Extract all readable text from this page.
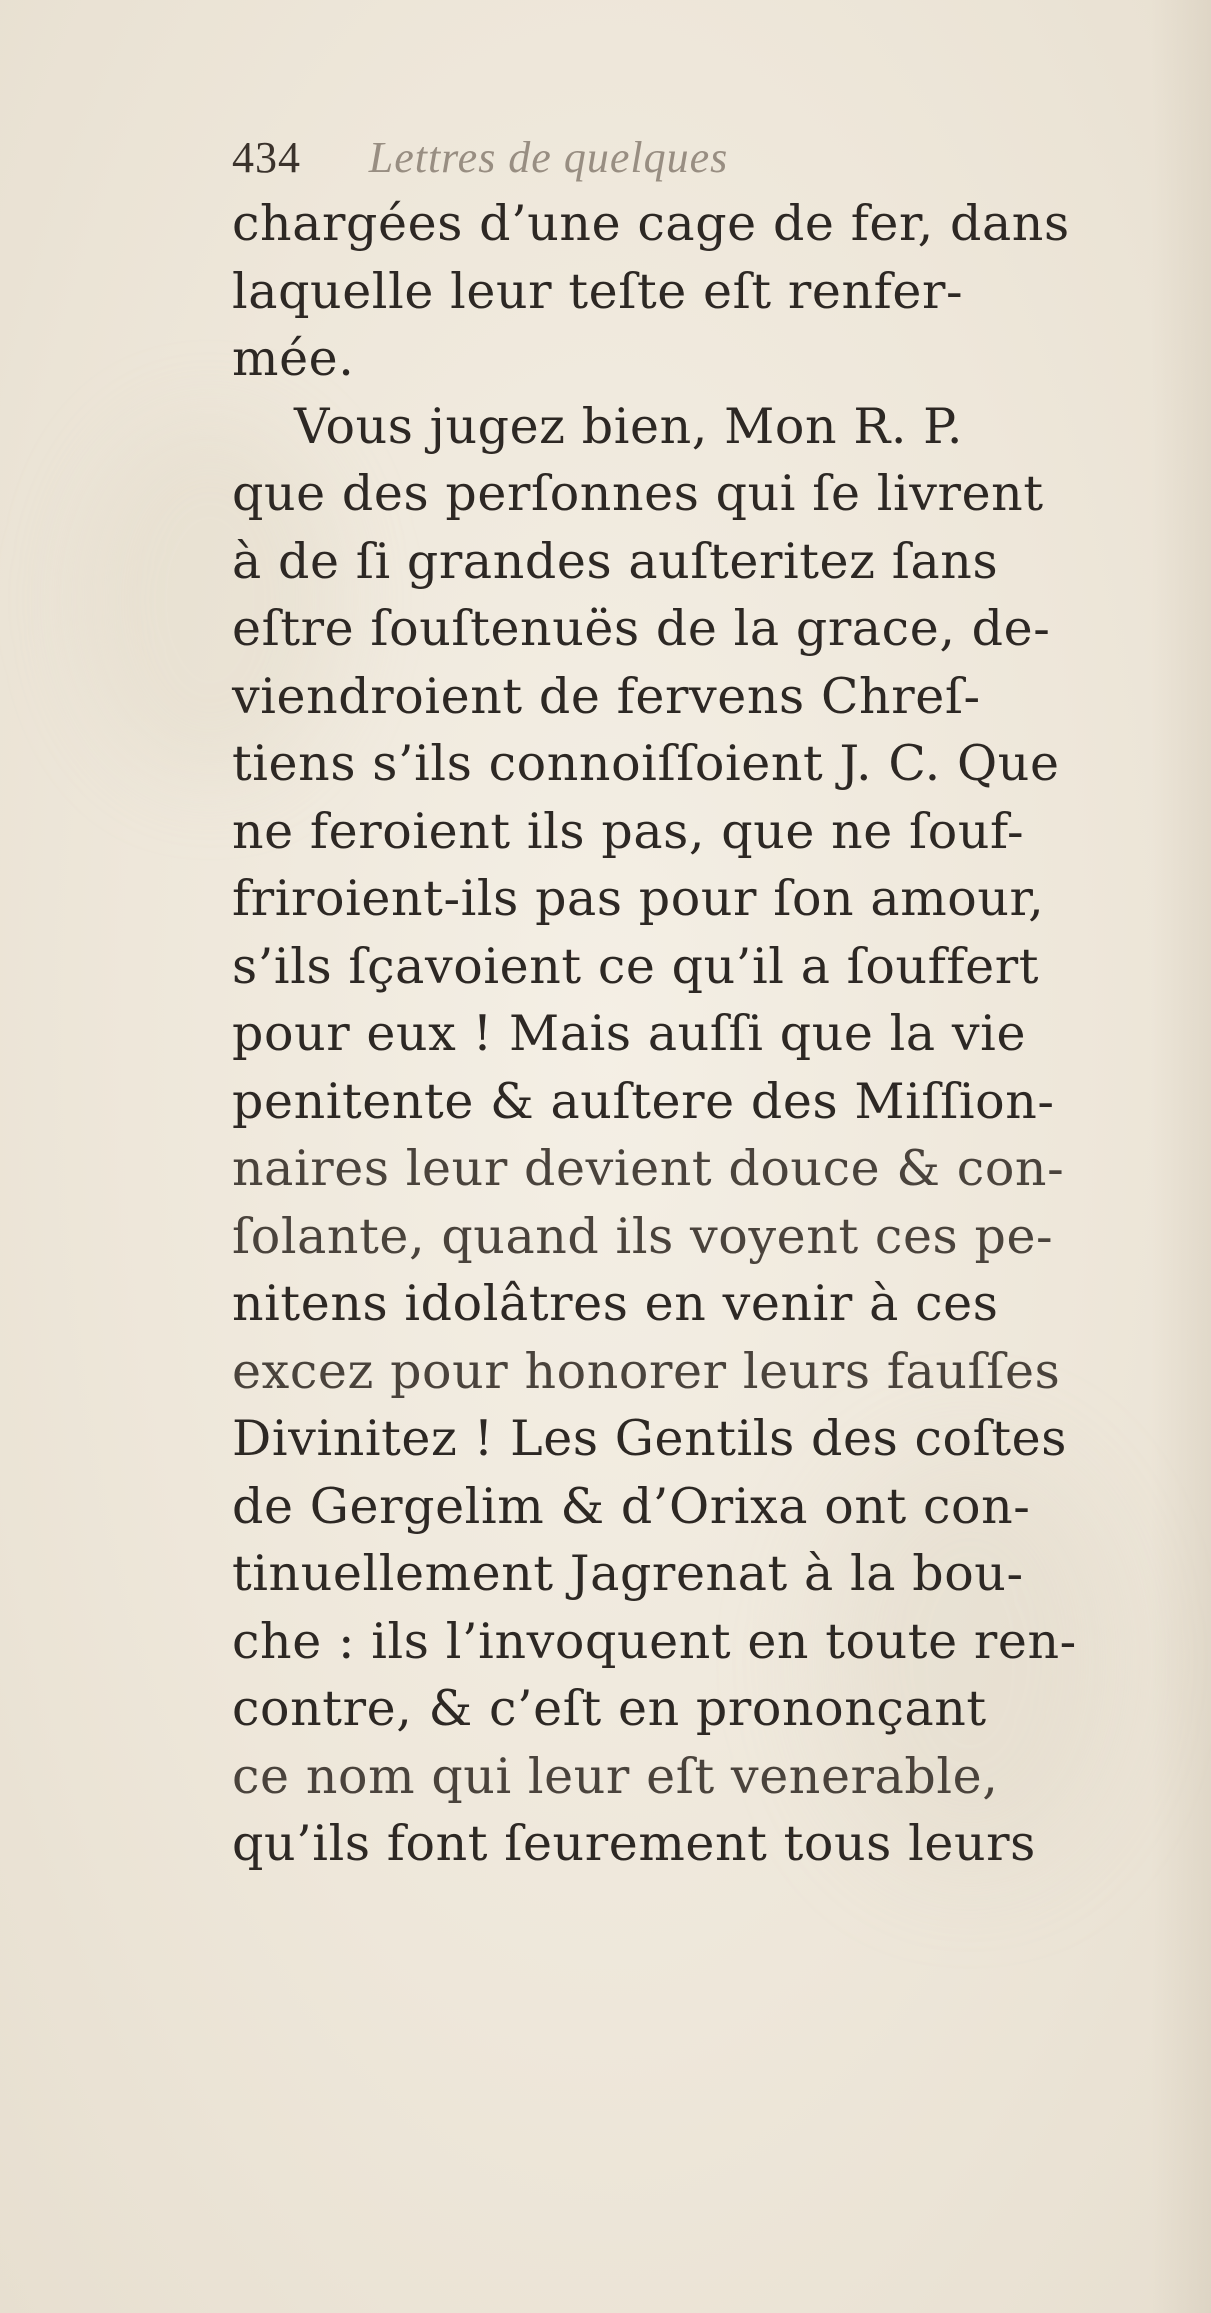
434 Lettres de quelques
chargées d’une cage de fer, dans
laquelle leur teſte eſt renfer-
mée.
Vous jugez bien, Mon R. P.
que des perſonnes qui ſe livrent
à de ſi grandes auſteritez ſans
eſtre ſouſtenuës de la grace, de-
viendroient de fervens Chreſ-
tiens s’ils connoiſſoient J. C. Que
ne feroient ils pas, que ne ſouf-
friroient-ils pas pour ſon amour,
s’ils ſçavoient ce qu’il a ſouffert
pour eux ! Mais auſſi que la vie
penitente & auſtere des Miſſion-
naires leur devient douce & con-
ſolante, quand ils voyent ces pe-
nitens idolâtres en venir à ces
excez pour honorer leurs fauſſes
Divinitez ! Les Gentils des coſtes
de Gergelim & d’Orixa ont con-
tinuellement Jagrenat à la bou-
che : ils l’invoquent en toute ren-
contre, & c’eſt en prononçant
ce nom qui leur eſt venerable,
qu’ils font ſeurement tous leurs
